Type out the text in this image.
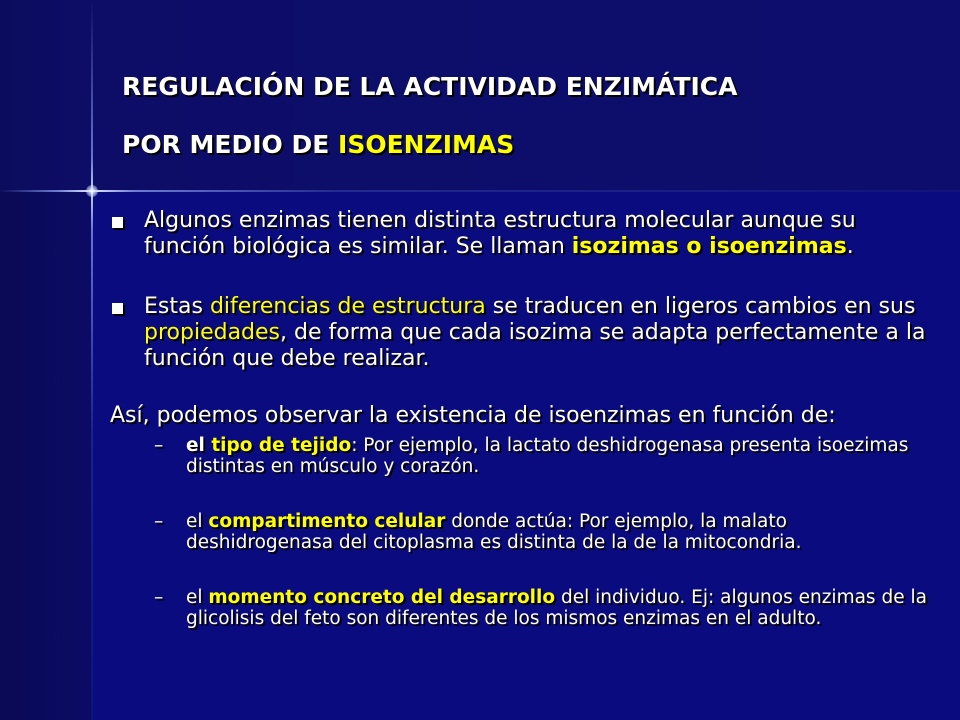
REGULACIÓN DE LA ACTIVIDAD ENZIMÁTICA
POR MEDIO DE ISOENZIMAS
Algunos enzimas tienen distinta estructura molecular aunque su función biológica es similar. Se llaman isozimas o isoenzimas.
Estas diferencias de estructura se traducen en ligeros cambios en sus propiedades, de forma que cada isozima se adapta perfectamente a la función que debe realizar.
Así, podemos observar la existencia de isoenzimas en función de:
– el tipo de tejido: Por ejemplo, la lactato deshidrogenasa presenta isoezimas distintas en músculo y corazón.
– el compartimento celular donde actúa: Por ejemplo, la malato deshidrogenasa del citoplasma es distinta de la de la mitocondria.
– el momento concreto del desarrollo del individuo. Ej: algunos enzimas de la glicolisis del feto son diferentes de los mismos enzimas en el adulto.
